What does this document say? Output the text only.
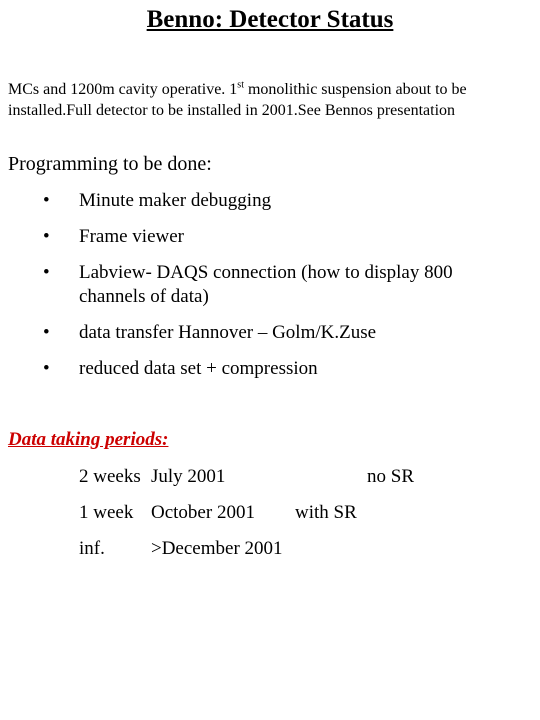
Benno: Detector Status
MCs and 1200m cavity operative. 1st monolithic suspension about to be installed.Full detector to be installed in 2001.See Bennos presentation
Programming to be done:
• Minute maker debugging
• Frame viewer
• Labview- DAQS connection (how to display 800 channels of data)
• data transfer Hannover – Golm/K.Zuse
• reduced data set + compression
Data taking periods:
2 weeks July 2001	no SR
1 week October 2001 with SR
inf. >December 2001
